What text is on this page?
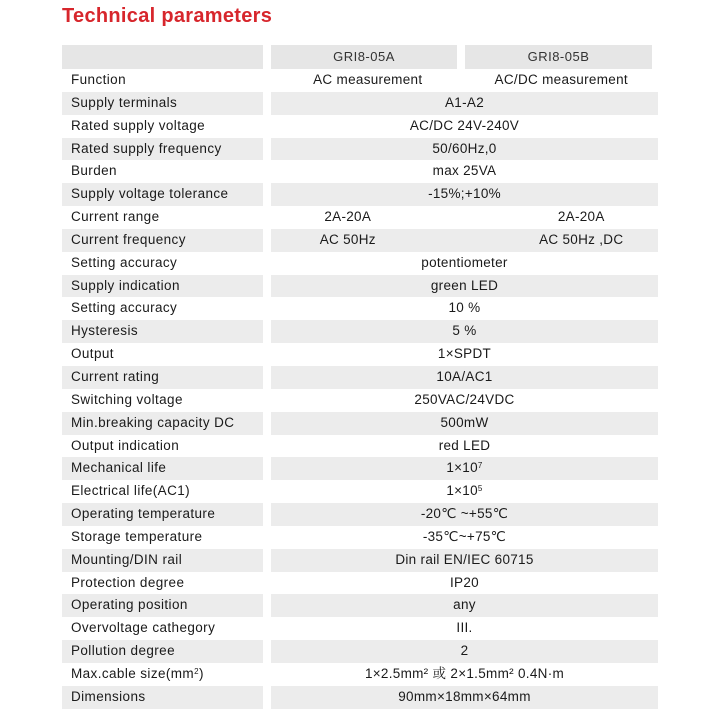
Technical parameters
GRI8-05A	GRI8-05B
Function	AC measurement	AC/DC measurement
Supply terminals	A1-A2
Rated supply voltage	AC/DC 24V-240V
Rated supply frequency	50/60Hz,0
Burden	max 25VA
Supply voltage tolerance	-15%;+10%
Current range	2A-20A	2A-20A
Current frequency	AC 50Hz	AC 50Hz ,DC
Setting accuracy	potentiometer
Supply indication	green LED
Setting accuracy	10 %
Hysteresis	5 %
Output	1×SPDT
Current rating	10A/AC1
Switching voltage	250VAC/24VDC
Min.breaking capacity DC	500mW
Output indication	red LED
Mechanical life	$1\times 10^7$
Electrical life(AC1)	$1\times 10^5$
Operating temperature	-20℃ ~+55℃
Storage temperature	-35℃~+75℃
Mounting/DIN rail	Din rail EN/IEC 60715
Protection degree	IP20
Operating position	any
Overvoltage cathegory	III.
Pollution degree	2
Max.cable $size(mm^2)$	1×2.5mm² 或 2×1.5mm² 0.4N·m
Dimensions	90mm×18mm×64mm
